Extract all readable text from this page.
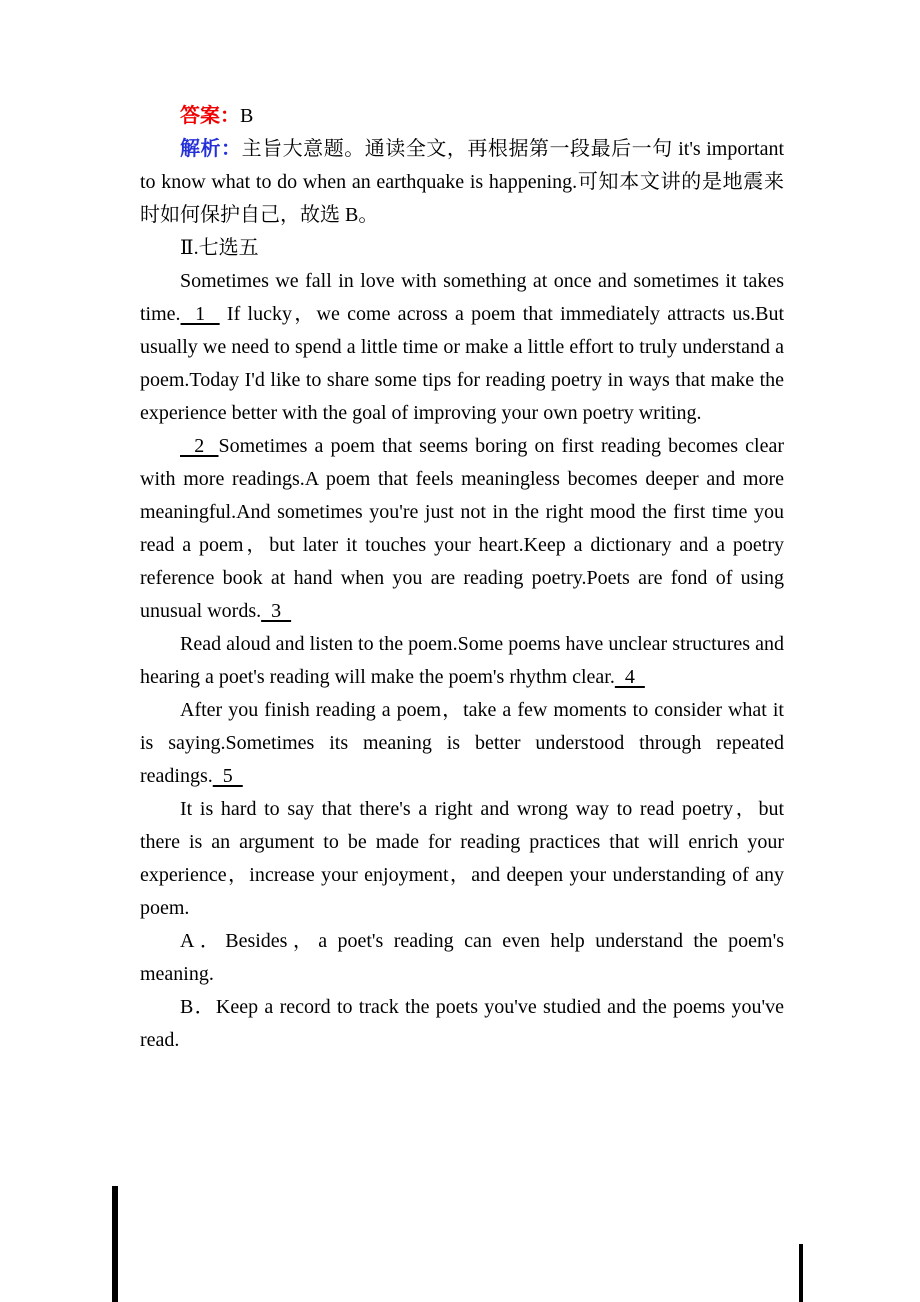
答案：B

解析：主旨大意题。通读全文，再根据第一段最后一句 it's important to know what to do when an earthquake is happening.可知本文讲的是地震来时如何保护自己，故选 B。

Ⅱ.七选五

Sometimes we fall in love with something at once and sometimes it takes time.  1   If lucky，we come across a poem that immediately attracts us.But usually we need to spend a little time or make a little effort to truly understand a poem.Today I'd like to share some tips for reading poetry in ways that make the experience better with the goal of improving your own poetry writing.

2  Sometimes a poem that seems boring on first reading becomes clear with more readings.A poem that feels meaningless becomes deeper and more meaningful.And sometimes you're just not in the right mood the first time you read a poem，but later it touches your heart.Keep a dictionary and a poetry reference book at hand when you are reading poetry.Poets are fond of using unusual words.  3

Read aloud and listen to the poem.Some poems have unclear structures and hearing a poet's reading will make the poem's rhythm clear.  4

After you finish reading a poem，take a few moments to consider what it is saying.Sometimes its meaning is better understood through repeated readings.  5

It is hard to say that there's a right and wrong way to read poetry，but there is an argument to be made for reading practices that will enrich your experience，increase your enjoyment，and deepen your understanding of any poem.

A．Besides，a poet's reading can even help understand the poem's meaning.

B．Keep a record to track the poets you've studied and the poems you've read.
